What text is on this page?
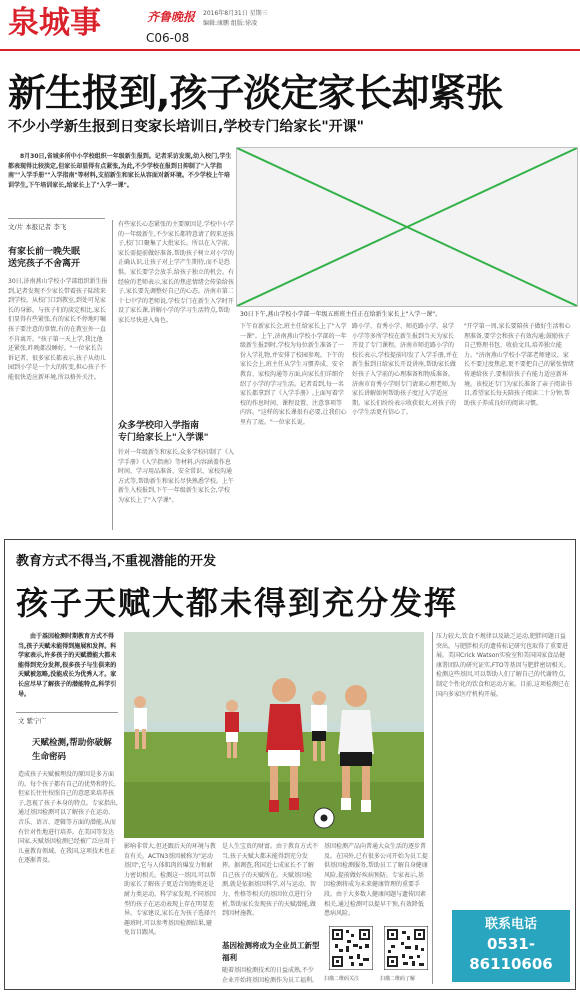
泉城事	齐鲁晚报 2016年8月31日 星期三
编辑:康鹏 组版:徐凌
C06-08
新生报到,孩子淡定家长却紧张
不少小学新生报到日变家长培训日,学校专门给家长"开课"
8月30日,省城多所中小学校组织一年级新生报到。记者采访发现,幼入校门,学生都表现得比较淡定,但家长却显得有点紧张,为此,不少学校在报到日抑制了"入学指南""入学手册""入学指南"等材料,支招新生和家长从容面对新环境。不少学校上午培训学生,下午培训家长,给家长上了"入学一课"。
文/片 本报记者 李飞
有家长前一晚失眠
送完孩子不舍离开
30日,济南燕山学校小学部组织新生报到,记者发现不少家长带着孩子陆续来到学校。从校门口到教室,到处可见家长的身影。与孩子们的淡定相比,家长们显得有些紧张,有的家长不停地叮嘱孩子要注意的事情,有的在教室外一直不肯离开。"孩子第一天上学,我比他还紧张,昨晚都没睡好。"一位家长告诉记者。很多家长都表示,孩子从幼儿园到小学是一个大的转变,担心孩子不能很快适应新环境,所以格外关注。
有些家长心态紧张的主要原因是,学校中小学的一年级新生,不少家长都特意请了假来送孩子,校门口聚集了大批家长。所以在入学前,家长需提前做好准备,帮助孩子树立对小学的正确认识,让孩子对上学产生期待,而不是恐惧。家长要学会放手,给孩子独立的机会。有经验的老师表示,家长的焦虑情绪会传染给孩子,家长要先调整好自己的心态。济南市第二十七中学的老师说,学校专门在新生入学时开设了家长课,讲解小学的学习生活特点,帮助家长尽快进入角色。
众多学校印入学指南
专门给家长上"入学课"
针对一年级新生和家长,众多学校印制了《入学手册》《入学指南》等材料,内容涵盖作息时间、学习用品准备、安全常识、家校沟通方式等,帮助新生和家长尽快熟悉学校。上午新生入校报到,下午一年级新生家长会,学校为家长上了"入学课"。
30日下午,燕山学校小学部一年级五班班主任正在给新生家长上"入学一课"。
下午育新家长会,班主任给家长上了"入学一课"。上午,济南燕山学校小学部的一年级新生报到时,学校为每位新生准备了一份入学礼物,并安排了校园参观。下午的家长会上,班主任从学生习惯养成、安全教育、家校沟通等方面,向家长们详细介绍了小学的学习生活。记者看到,每一名家长都拿到了《入学手册》,上面写着学校的作息时间、课程设置、注意事项等内容。"这样的家长课很有必要,让我们心里有了底。"一位家长说。
路小学、育秀小学、师范路小学、泉学小学等多所学校在新生报到当天为家长开设了专门课程。济南市师范路小学的校长表示,学校提前印发了入学手册,并在新生报到日给家长开设讲座,帮助家长做好孩子入学前的心理准备和物质准备。济南市育秀小学则专门请来心理老师,为家长讲解如何帮助孩子度过入学适应期。家长们纷纷表示收获很大,对孩子的小学生活更有信心了。
"开学第一周,家长要陪孩子做好生活和心理准备,要学会和孩子有效沟通;鼓励孩子自己整理书包、收拾文具,培养独立能力。"济南燕山学校小学部老师建议。家长不要过度焦虑,更不要把自己的紧张情绪传递给孩子,要相信孩子有能力适应新环境。该校还专门为家长准备了亲子阅读书目,希望家长每天陪孩子阅读二十分钟,帮助孩子养成良好的阅读习惯。
教育方式不得当,不重视潜能的开发
孩子天赋大都未得到充分发挥
由于基因检测时期教育方式不得当,孩子天赋未能得到施展和发挥。科学家表示,许多孩子的天赋潜能大都未能得到充分发挥,很多孩子与生俱来的天赋被忽略,没能成长为优秀人才。家长应尽早了解孩子的潜能特点,科学引导。
文 紫宁广
天赋检测,帮助你破解生命密码
造成孩子天赋被埋没的原因是多方面的。每个孩子都有自己的优势和特长,但家长往往按照自己的意愿来培养孩子,忽视了孩子本身的特点。专家指出,通过基因检测可以了解孩子在运动、音乐、语言、逻辑等方面的潜能,从而有针对性地进行培养。在美国等发达国家,天赋基因检测已经被广泛应用于儿童教育领域。在我国,这项技术也正在逐渐普及。
影响非常大,但还跟后天的环境与教育有关。ACTN3基因被称为"运动基因",它与人体肌肉的爆发力和耐力密切相关。检测这一基因,可以帮助家长了解孩子更适合短跑类还是耐力类运动。科学家发现,不同基因型的孩子在运动表现上存在明显差异。专家建议,家长在为孩子选择兴趣班时,可以参考基因检测结果,避免盲目跟风。
是人生宝贵的财富。由于教育方式不当,孩子天赋大都未能得到充分发挥。据调查,我国近七成家长不了解自己孩子的天赋所在。天赋基因检测,就是依据基因科学,对与运动、智力、性格等相关的基因位点进行分析,帮助家长发现孩子的天赋潜能,做到因材施教。
基因检测将成为全业员工新型福利
随着基因检测技术的日益成熟,不少企业开始将基因检测作为员工福利。
基因检测产品向普通大众生活的逐步普及。在国外,已有很多公司开始为员工提供基因检测服务,帮助员工了解自身健康风险,提前做好疾病预防。专家表示,基因检测将成为未来健康管理的重要手段。由于大多数人健康问题与遗传因素相关,通过检测可以提早干预,有效降低患病风险。
扫描二维码关注	扫描二维码了解
压力较大,饮食不规律以及缺乏运动,肥胖问题日益突出。与肥胖相关的遗传标记研究也取得了重要进展。美国Crick Watson实验室和美国国家食品健康署团队的研究证实,FTO等基因与肥胖密切相关。检测这些基因,可以帮助人们了解自己的代谢特点,制定个性化的饮食和运动方案。目前,这项检测已在国内多家医疗机构开展。
联系电话
0531-
86110606
